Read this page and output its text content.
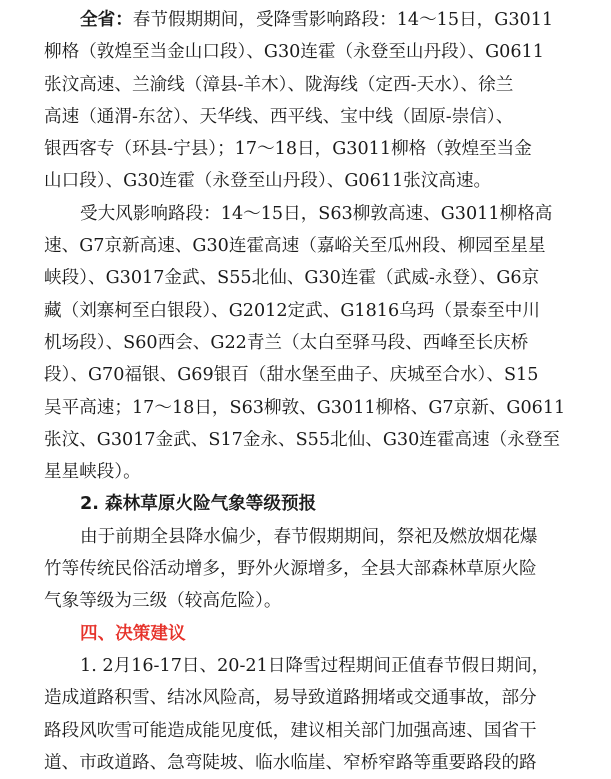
全省：春节假期期间，受降雪影响路段：14～15日，G3011
柳格（敦煌至当金山口段）、G30连霍（永登至山丹段）、G0611
张汶高速、兰渝线（漳县-羊木）、陇海线（定西-天水）、徐兰
高速（通渭-东岔）、天华线、西平线、宝中线（固原-崇信）、
银西客专（环县-宁县）；17～18日，G3011柳格（敦煌至当金
山口段）、G30连霍（永登至山丹段）、G0611张汶高速。
受大风影响路段：14～15日，S63柳敦高速、G3011柳格高
速、G7京新高速、G30连霍高速（嘉峪关至瓜州段、柳园至星星
峡段）、G3017金武、S55北仙、G30连霍（武威-永登）、G6京
藏（刘寨柯至白银段）、G2012定武、G1816乌玛（景泰至中川
机场段）、S60西会、G22青兰（太白至驿马段、西峰至长庆桥
段）、G70福银、G69银百（甜水堡至曲子、庆城至合水）、S15
吴平高速；17～18日，S63柳敦、G3011柳格、G7京新、G0611
张汶、G3017金武、S17金永、S55北仙、G30连霍高速（永登至
星星峡段）。
2. 森林草原火险气象等级预报
由于前期全县降水偏少，春节假期期间，祭祀及燃放烟花爆
竹等传统民俗活动增多，野外火源增多，全县大部森林草原火险
气象等级为三级（较高危险）。
四、决策建议
1. 2月16-17日、20-21日降雪过程期间正值春节假日期间，
造成道路积雪、结冰风险高，易导致道路拥堵或交通事故，部分
路段风吹雪可能造成能见度低，建议相关部门加强高速、国省干
道、市政道路、急弯陡坡、临水临崖、窄桥窄路等重要路段的路
